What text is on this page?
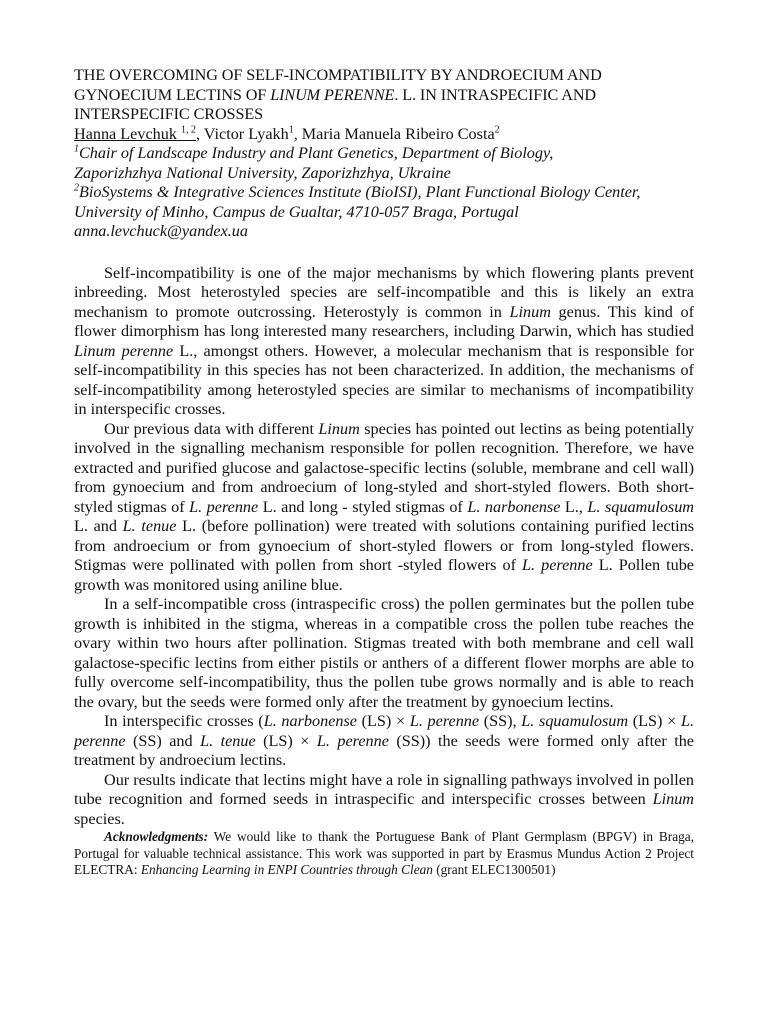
THE OVERCOMING OF SELF-INCOMPATIBILITY BY ANDROECIUM AND GYNOECIUM LECTINS OF LINUM PERENNE. L. IN INTRASPECIFIC AND INTERSPECIFIC CROSSES

Hanna Levchuk $^{1, 2}$, Victor Lyakh$^1$, Maria Manuela Ribeiro Costa$^2$

$^1$Chair of Landscape Industry and Plant Genetics, Department of Biology,
Zaporizhzhya National University, Zaporizhzhya, Ukraine

$^2$BioSystems & Integrative Sciences Institute (BioISI), Plant Functional Biology Center,
University of Minho, Campus de Gualtar, 4710-057 Braga, Portugal

anna.levchuck@yandex.ua

Self-incompatibility is one of the major mechanisms by which flowering plants prevent inbreeding. Most heterostyled species are self-incompatible and this is likely an extra mechanism to promote outcrossing. Heterostyly is common in Linum genus. This kind of flower dimorphism has long interested many researchers, including Darwin, which has studied Linum perenne L., amongst others. However, a molecular mechanism that is responsible for self-incompatibility in this species has not been characterized. In addition, the mechanisms of self-incompatibility among heterostyled species are similar to mechanisms of incompatibility in interspecific crosses.

Our previous data with different Linum species has pointed out lectins as being potentially involved in the signalling mechanism responsible for pollen recognition. Therefore, we have extracted and purified glucose and galactose-specific lectins (soluble, membrane and cell wall) from gynoecium and from androecium of long-styled and short-styled flowers. Both short-styled stigmas of L. perenne L. and long - styled stigmas of L. narbonense L., L. squamulosum L. and L. tenue L. (before pollination) were treated with solutions containing purified lectins from androecium or from gynoecium of short-styled flowers or from long-styled flowers. Stigmas were pollinated with pollen from short -styled flowers of L. perenne L. Pollen tube growth was monitored using aniline blue.

In a self-incompatible cross (intraspecific cross) the pollen germinates but the pollen tube growth is inhibited in the stigma, whereas in a compatible cross the pollen tube reaches the ovary within two hours after pollination. Stigmas treated with both membrane and cell wall galactose-specific lectins from either pistils or anthers of a different flower morphs are able to fully overcome self-incompatibility, thus the pollen tube grows normally and is able to reach the ovary, but the seeds were formed only after the treatment by gynoecium lectins.

In interspecific crosses (L. narbonense (LS) × L. perenne (SS), L. squamulosum (LS) × L. perenne (SS) and L. tenue (LS) × L. perenne (SS)) the seeds were formed only after the treatment by androecium lectins.

Our results indicate that lectins might have a role in signalling pathways involved in pollen tube recognition and formed seeds in intraspecific and interspecific crosses between Linum species.

Acknowledgments: We would like to thank the Portuguese Bank of Plant Germplasm (BPGV) in Braga, Portugal for valuable technical assistance. This work was supported in part by Erasmus Mundus Action 2 Project ELECTRA: Enhancing Learning in ENPI Countries through Clean (grant ELEC1300501)
